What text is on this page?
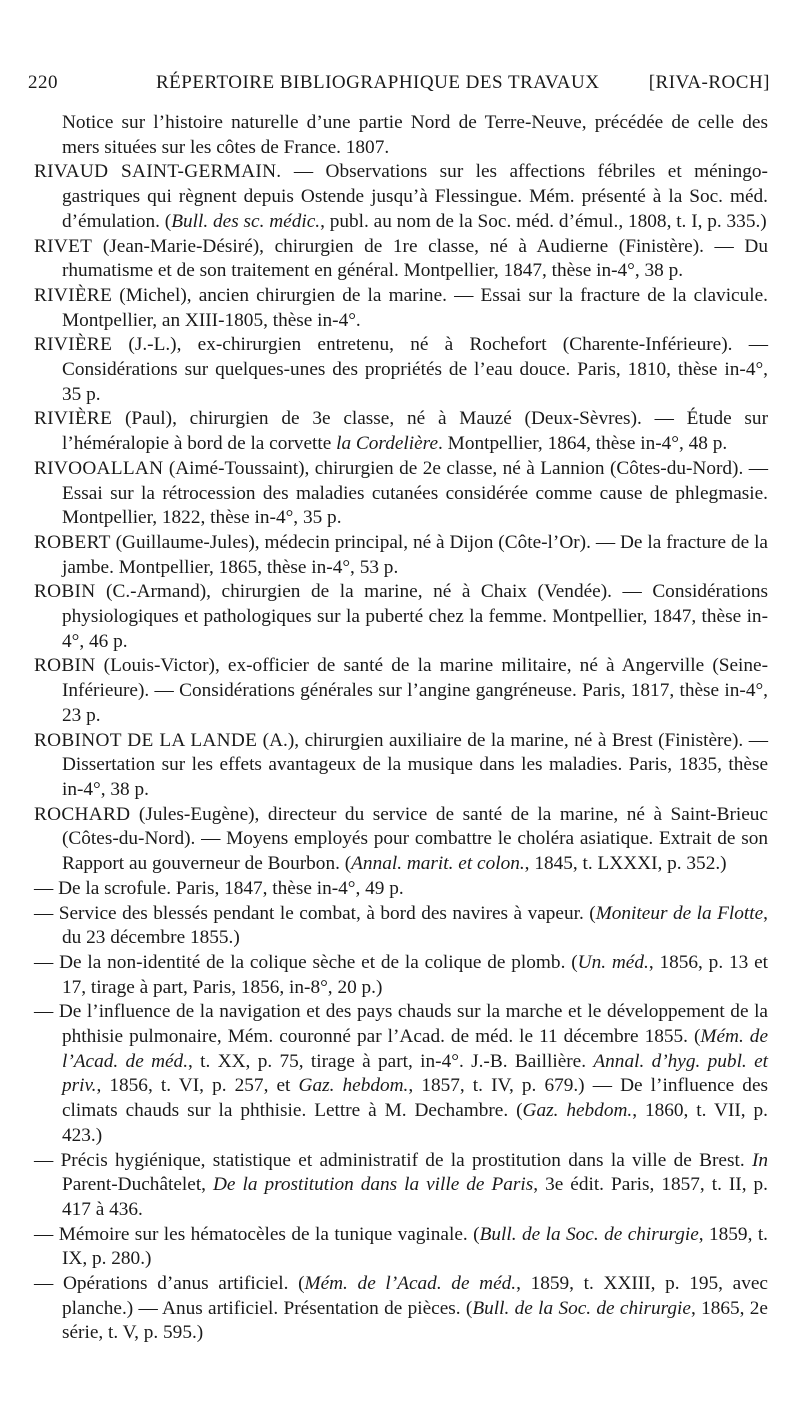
220	RÉPERTOIRE BIBLIOGRAPHIQUE DES TRAVAUX	[RIVA-ROCH]

Notice sur l’histoire naturelle d’une partie Nord de Terre-Neuve, précédée de celle des mers situées sur les côtes de France. 1807.

RIVAUD SAINT-GERMAIN. — Observations sur les affections fébriles et méningo-gastriques qui règnent depuis Ostende jusqu’à Flessingue. Mém. présenté à la Soc. méd. d’émulation. (Bull. des sc. médic., publ. au nom de la Soc. méd. d’émul., 1808, t. I, p. 335.)

RIVET (Jean-Marie-Désiré), chirurgien de 1re classe, né à Audierne (Finistère). — Du rhumatisme et de son traitement en général. Montpellier, 1847, thèse in-4°, 38 p.

RIVIÈRE (Michel), ancien chirurgien de la marine. — Essai sur la fracture de la clavicule. Montpellier, an XIII-1805, thèse in-4°.

RIVIÈRE (J.-L.), ex-chirurgien entretenu, né à Rochefort (Charente-Inférieure). — Considérations sur quelques-unes des propriétés de l’eau douce. Paris, 1810, thèse in-4°, 35 p.

RIVIÈRE (Paul), chirurgien de 3e classe, né à Mauzé (Deux-Sèvres). — Étude sur l’héméralopie à bord de la corvette la Cordelière. Montpellier, 1864, thèse in-4°, 48 p.

RIVOOALLAN (Aimé-Toussaint), chirurgien de 2e classe, né à Lannion (Côtes-du-Nord). — Essai sur la rétrocession des maladies cutanées considérée comme cause de phlegmasie. Montpellier, 1822, thèse in-4°, 35 p.

ROBERT (Guillaume-Jules), médecin principal, né à Dijon (Côte-l’Or). — De la fracture de la jambe. Montpellier, 1865, thèse in-4°, 53 p.

ROBIN (C.-Armand), chirurgien de la marine, né à Chaix (Vendée). — Considérations physiologiques et pathologiques sur la puberté chez la femme. Montpellier, 1847, thèse in-4°, 46 p.

ROBIN (Louis-Victor), ex-officier de santé de la marine militaire, né à Angerville (Seine-Inférieure). — Considérations générales sur l’angine gangréneuse. Paris, 1817, thèse in-4°, 23 p.

ROBINOT DE LA LANDE (A.), chirurgien auxiliaire de la marine, né à Brest (Finistère). — Dissertation sur les effets avantageux de la musique dans les maladies. Paris, 1835, thèse in-4°, 38 p.

ROCHARD (Jules-Eugène), directeur du service de santé de la marine, né à Saint-Brieuc (Côtes-du-Nord). — Moyens employés pour combattre le choléra asiatique. Extrait de son Rapport au gouverneur de Bourbon. (Annal. marit. et colon., 1845, t. LXXXI, p. 352.)

— De la scrofule. Paris, 1847, thèse in-4°, 49 p.

— Service des blessés pendant le combat, à bord des navires à vapeur. (Moniteur de la Flotte, du 23 décembre 1855.)

— De la non-identité de la colique sèche et de la colique de plomb. (Un. méd., 1856, p. 13 et 17, tirage à part, Paris, 1856, in-8°, 20 p.)

— De l’influence de la navigation et des pays chauds sur la marche et le développement de la phthisie pulmonaire, Mém. couronné par l’Acad. de méd. le 11 décembre 1855. (Mém. de l’Acad. de méd., t. XX, p. 75, tirage à part, in-4°. J.-B. Baillière. Annal. d’hyg. publ. et priv., 1856, t. VI, p. 257, et Gaz. hebdom., 1857, t. IV, p. 679.) — De l’influence des climats chauds sur la phthisie. Lettre à M. Dechambre. (Gaz. hebdom., 1860, t. VII, p. 423.)

— Précis hygiénique, statistique et administratif de la prostitution dans la ville de Brest. In Parent-Duchâtelet, De la prostitution dans la ville de Paris, 3e édit. Paris, 1857, t. II, p. 417 à 436.

— Mémoire sur les hématocèles de la tunique vaginale. (Bull. de la Soc. de chirurgie, 1859, t. IX, p. 280.)

— Opérations d’anus artificiel. (Mém. de l’Acad. de méd., 1859, t. XXIII, p. 195, avec planche.) — Anus artificiel. Présentation de pièces. (Bull. de la Soc. de chirurgie, 1865, 2e série, t. V, p. 595.)
